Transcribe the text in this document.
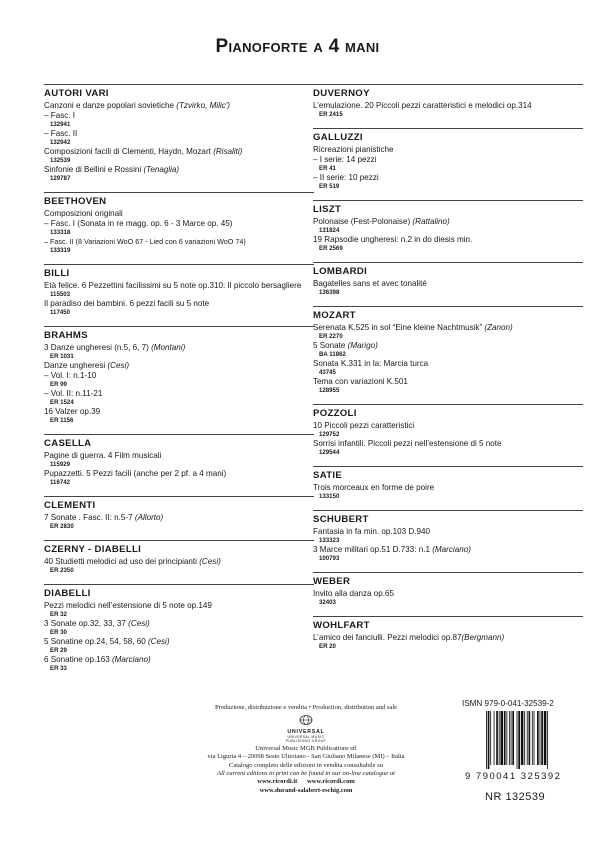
Pianoforte a 4 mani
AUTORI VARI
Canzoni e danze popolari sovietiche (Tzvirko, Milic')
– Fasc. I
132941
– Fasc. II
132942
Composizioni facili di Clementi, Haydn, Mozart (Risaliti)
132539
Sinfonie di Bellini e Rossini (Tenaglia)
129787
BEETHOVEN
Composizioni originali
– Fasc. I (Sonata in re magg. op. 6 - 3 Marce op. 45)
133318
– Fasc. II (8 Variazioni WoO 67 - Lied con 6 variazioni WoO 74)
133319
BILLI
Età felice. 6 Pezzettini facilissimi su 5 note op.310: Il piccolo bersagliere
115503
Il paradiso dei bambini. 6 pezzi facili su 5 note
117450
BRAHMS
3 Danze ungheresi (n.5, 6, 7) (Montani)
ER 1031
Danze ungheresi (Cesi)
– Vol. I: n.1-10
ER 99
– Vol. II: n.11-21
ER 1524
16 Valzer op.39
ER 1156
CASELLA
Pagine di guerra. 4 Film musicali
115929
Pupazzetti. 5 Pezzi facili (anche per 2 pf. a 4 mani)
116742
CLEMENTI
7 Sonate . Fasc. II: n.5-7 (Allorto)
ER 2830
CZERNY - DIABELLI
40 Studietti melodici ad uso dei principianti (Cesi)
ER 2350
DIABELLI
Pezzi melodici nell’estensione di 5 note op.149
ER 32
3 Sonate op.32, 33, 37 (Cesi)
ER 30
5 Sonatine op.24, 54, 58, 60 (Cesi)
ER 29
6 Sonatine op.163 (Marciano)
ER 33
DUVERNOY
L’emulazione. 20 Piccoli pezzi caratteristici e melodici op.314
ER 2415
GALLUZZI
Ricreazioni pianistiche
– I serie: 14 pezzi
ER 41
– II serie: 10 pezzi
ER 519
LISZT
Polonaise (Fest-Polonaise) (Rattalino)
131824
19 Rapsodie ungheresi: n.2 in do diesis min.
ER 2569
LOMBARDI
Bagatelles sans et avec tonalité
136398
MOZART
Serenata K.525 in sol “Eine kleine Nachtmusik” (Zanon)
ER 2270
5 Sonate (Marigo)
BA 11862
Sonata K.331 in la: Marcia turca
43745
Tema con variazioni K.501
128955
POZZOLI
10 Piccoli pezzi caratteristici
129752
Sorrisi infantili. Piccoli pezzi nell’estensione di 5 note
129544
SATIE
Trois morceaux en forme de poire
133150
SCHUBERT
Fantasia in fa min. op.103 D.940
133323
3 Marce militari op.51 D.733: n.1 (Marciano)
100793
WEBER
Invito alla danza op.65
32403
WOHLFART
L’amico dei fanciulli. Pezzi melodici op.87(Bergmann)
ER 20
Produzione, distribuzione e vendita • Production, distribution and sale
UNIVERSAL
UNIVERSAL MUSIC PUBLISHING GROUP
Universal Music MGB Publications srl
via Liguria 4 – 20098 Sesto Ulteriano - San Giuliano Milanese (MI) – Italia
Catalogo completo delle edizioni in vendita consultabile su
All current editions in print can be found in our on-line catalogue at
www.ricordi.it www.ricordi.com
www.durand-salabert-eschig.com
ISMN 979-0-041-32539-2
9 790041 325392
NR 132539
